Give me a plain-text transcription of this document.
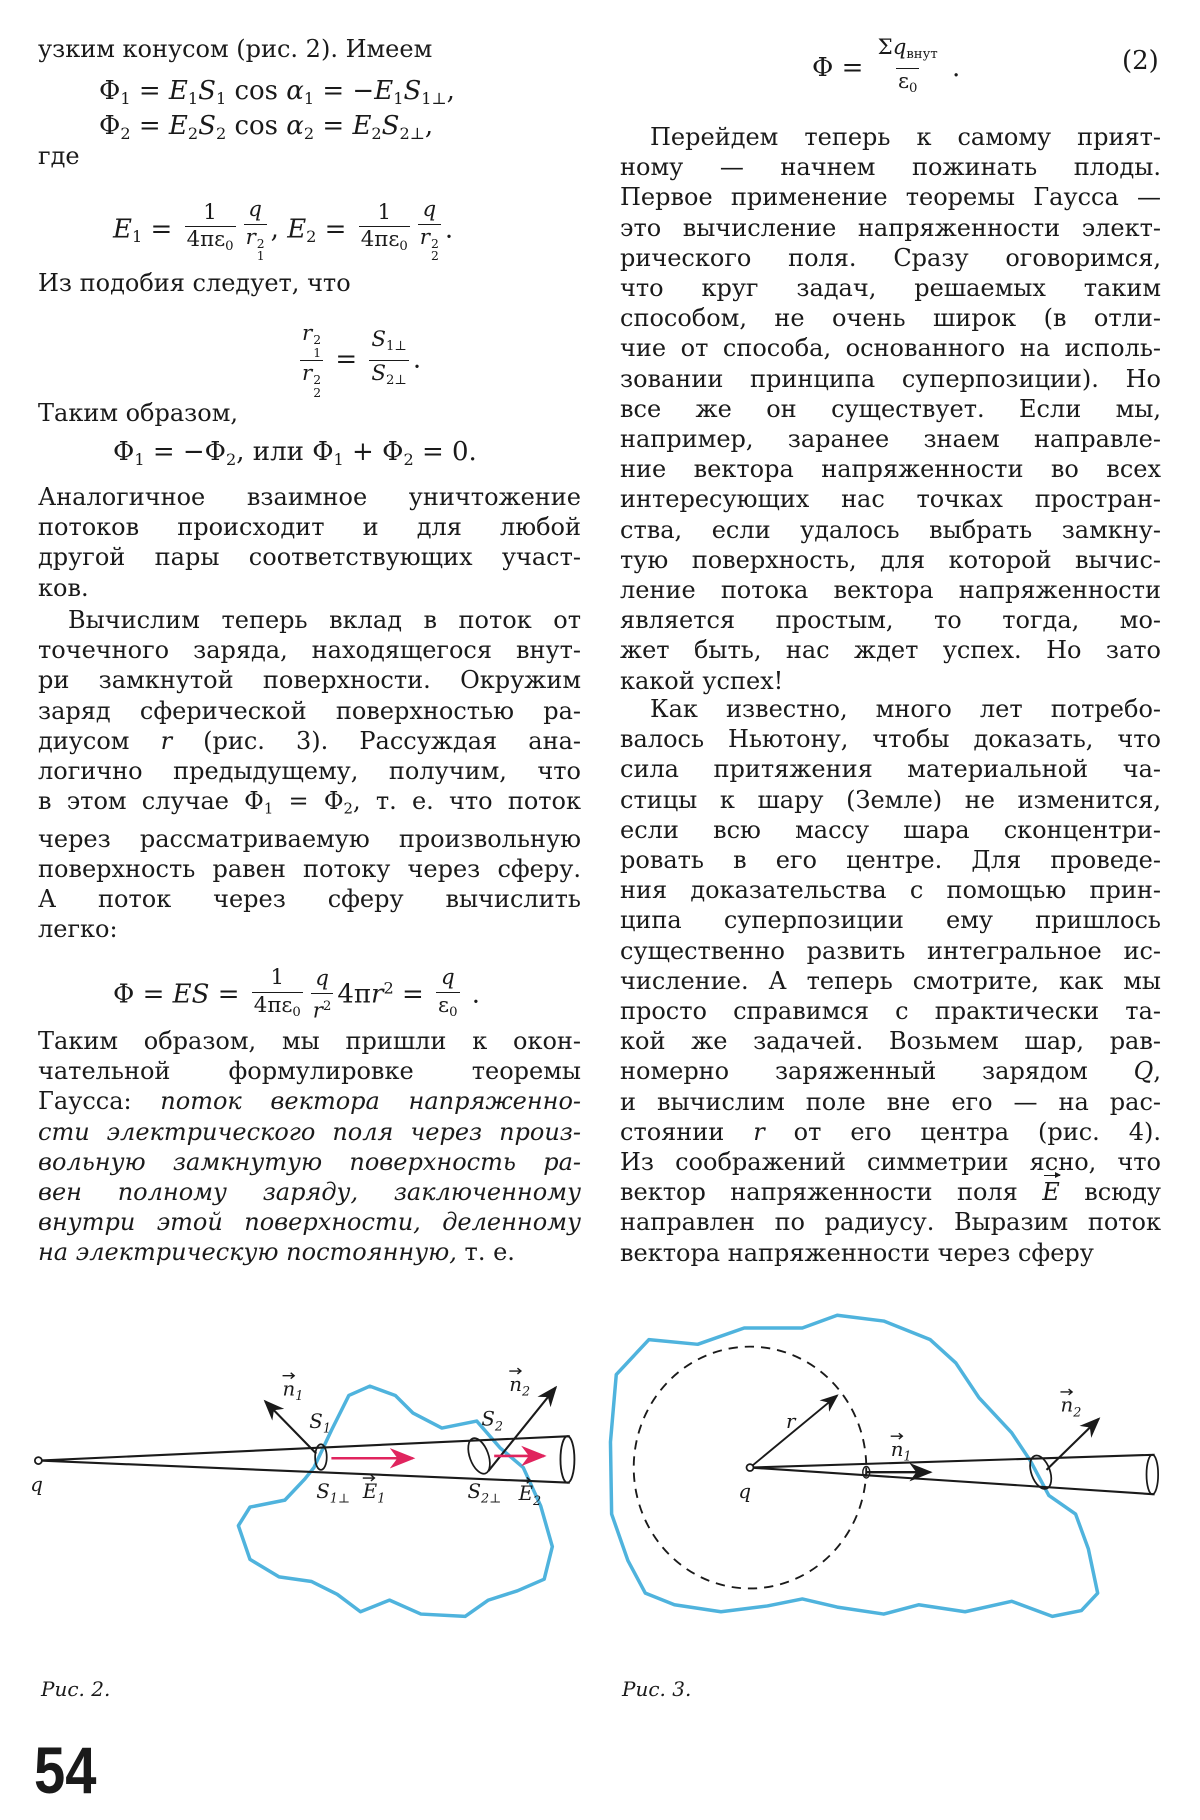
узким конусом (рис. 2). Имеем
$\Phi_1 = E_1S_1$ $\cos \alpha_1 = -E_1S_{1\perp}$,
$\Phi_2 = E_2S_2$ $\cos \alpha_2 = E_2S_{2\perp}$,
где
$E_1 = \frac{1}{4\pi\varepsilon_0}$ q
r 2
1 , $E_2 = \frac{1}{4\pi\varepsilon_0}$ q
r 2
2 .
Из подобия следует, что
r 2
1
r 2
$2 = \frac{S_{1\perp}}{S_{2\perp}}$ .
Таким образом,
$\Phi_1 = -\Phi_2$, или $\Phi_1 + \Phi_2 = 0$.
Аналогичное взаимное уничтожение
потоков происходит и для любой
другой пары соответствующих участ-
ков.
Вычислим теперь вклад в поток от
точечного заряда, находящегося внут-
ри замкнутой поверхности. Окружим
заряд сферической поверхностью ра-
диусом r (рис. 3). Рассуждая ана-
логично предыдущему, получим, что
в этом случае $\Phi_1 = \Phi_2$, т. е. что поток
через рассматриваемую произвольную
поверхность равен потоку через сферу.
А поток через сферу вычислить
легко:
Φ = ES = $\frac{1}{4\pi\varepsilon_0} \frac{q}{r^2} 4\pi r^2 = \frac{q}{\varepsilon_0}$ .
Таким образом, мы пришли к окон-
чательной формулировке теоремы
Гаусса: поток вектора напряженно-
сти электрического поля через произ-
вольную замкнутую поверхность ра-
вен полному заряду, заключенному
внутри этой поверхности, деленному
на электрическую постоянную, т. е.
$\Phi = \frac{\Sigma q_{внут}}{\varepsilon_0}$ .	(2)
Перейдем теперь к самому прият-
ному — начнем пожинать плоды.
Первое применение теоремы Гаусса —
это вычисление напряженности элект-
рического поля. Сразу оговоримся,
что круг задач, решаемых таким
способом, не очень широк (в отли-
чие от способа, основанного на исполь-
зовании принципа суперпозиции). Но
все же он существует. Если мы,
например, заранее знаем направле-
ние вектора напряженности во всех
интересующих нас точках простран-
ства, если удалось выбрать замкну-
тую поверхность, для которой вычис-
ление потока вектора напряженности
является простым, то тогда, мо-
жет быть, нас ждет успех. Но зато
какой успех!
Как известно, много лет потребо-
валось Ньютону, чтобы доказать, что
сила притяжения материальной ча-
стицы к шару (Земле) не изменится,
если всю массу шара сконцентри-
ровать в его центре. Для проведе-
ния доказательства с помощью прин-
ципа суперпозиции ему пришлось
существенно развить интегральное ис-
числение. А теперь смотрите, как мы
просто справимся с практически та-
кой же задачей. Возьмем шар, рав-
номерно заряженный зарядом Q,
и вычислим поле вне его — на рас-
стоянии r от его центра (рис. 4).
Из соображений симметрии ясно, что
вектор напряженности поля E всюду
направлен по радиусу. Выразим поток
вектора напряженности через сферу
$n_1$
$S_1$	$S_2$
$n_2$
q	$S_{1\perp}$ $E_1$	$S_{2\perp}$ $E_2$
r
$n_1$
q
$n_2$
Рис. 2.	Рис. 3.
54
